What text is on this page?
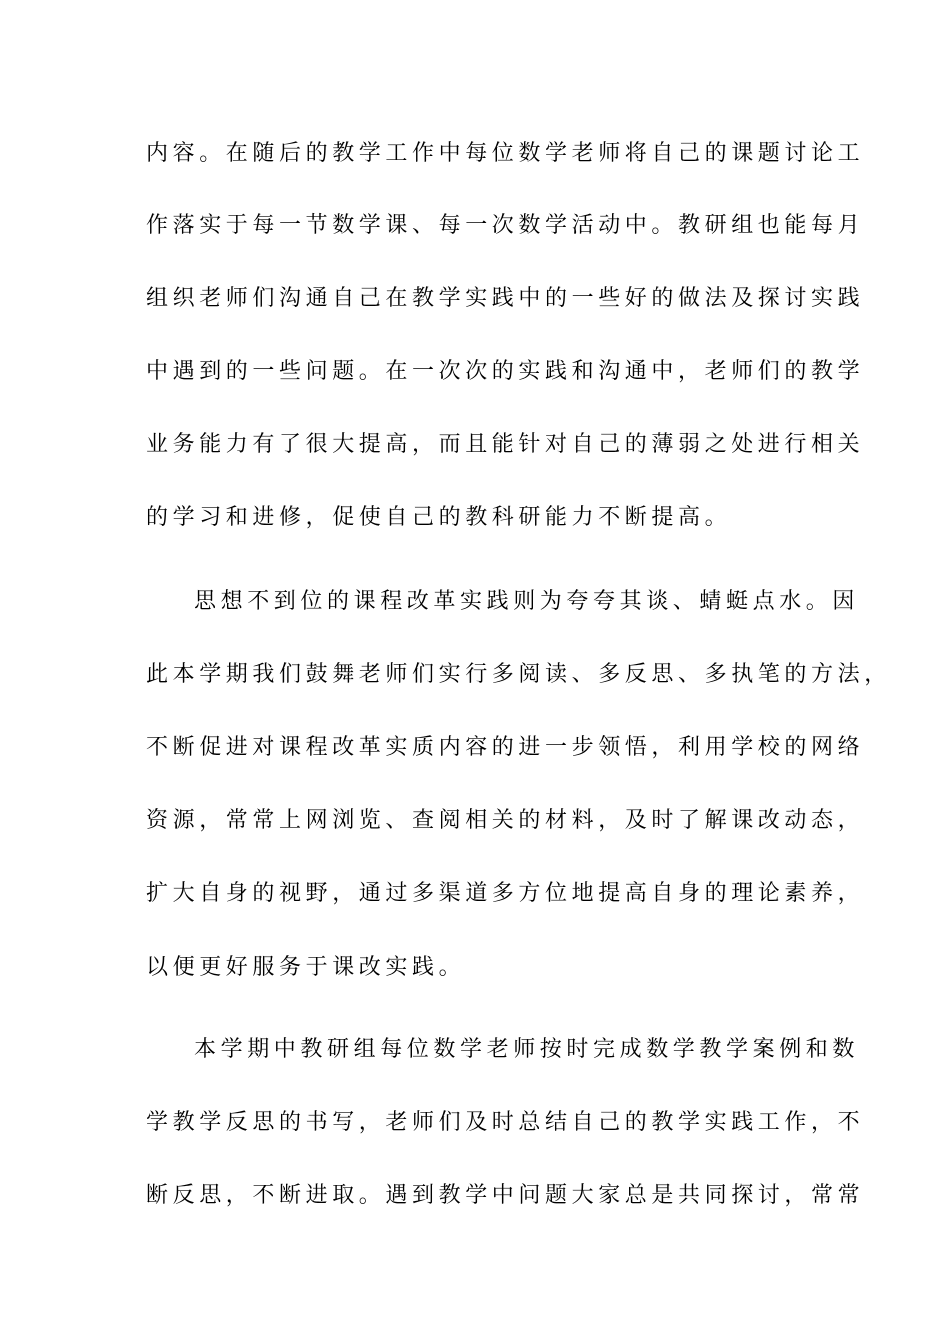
内容。在随后的教学工作中每位数学老师将自己的课题讨论工
作落实于每一节数学课、每一次数学活动中。教研组也能每月
组织老师们沟通自己在教学实践中的一些好的做法及探讨实践
中遇到的一些问题。在一次次的实践和沟通中，老师们的教学
业务能力有了很大提高，而且能针对自己的薄弱之处进行相关
的学习和进修，促使自己的教科研能力不断提高。
思想不到位的课程改革实践则为夸夸其谈、蜻蜓点水。因
此本学期我们鼓舞老师们实行多阅读、多反思、多执笔的方法，
不断促进对课程改革实质内容的进一步领悟，利用学校的网络
资源，常常上网浏览、查阅相关的材料，及时了解课改动态，
扩大自身的视野，通过多渠道多方位地提高自身的理论素养，
以便更好服务于课改实践。
本学期中教研组每位数学老师按时完成数学教学案例和数
学教学反思的书写，老师们及时总结自己的教学实践工作，不
断反思，不断进取。遇到教学中问题大家总是共同探讨，常常
